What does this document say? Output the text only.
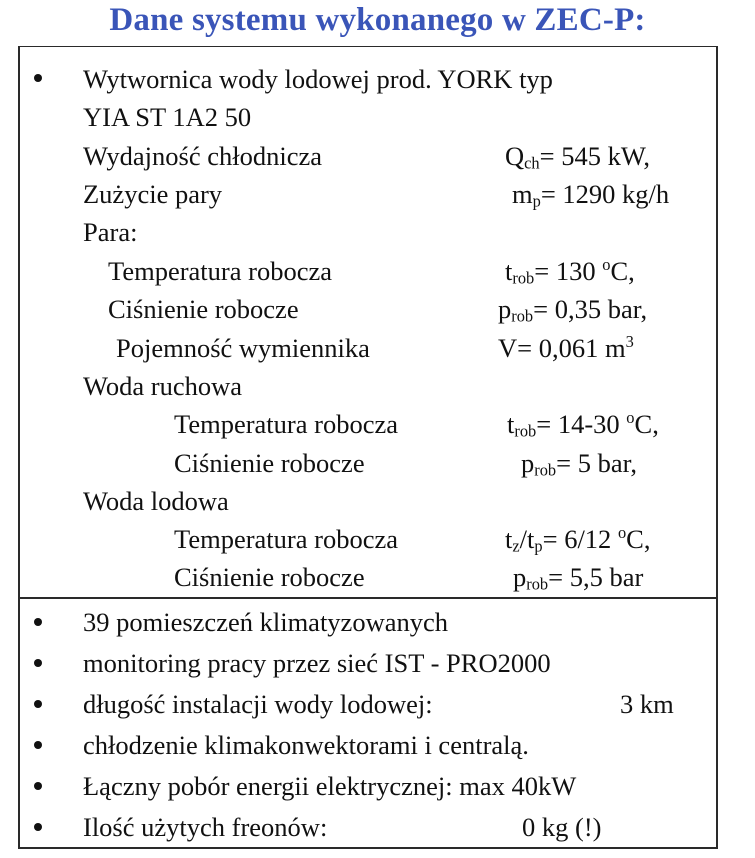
Dane systemu wykonanego w ZEC-P:
Wytwornica wody lodowej prod. YORK typ
YIA ST 1A2 50
Wydajność chłodnicza	$Q_{ch}= 545$ kW,
Zużycie pary	$m_p= 1290$ kg/h
Para:
Temperatura robocza	$t_{rob}= 130$ $^o$C,
Ciśnienie robocze	$p_{rob}= 0,35$ bar,
Pojemność wymiennika	V= 0,061 $m^3$
Woda ruchowa
Temperatura robocza	$t_{rob}= 14-30$ $^o$C,
Ciśnienie robocze	$p_{rob}= 5$ bar,
Woda lodowa
Temperatura robocza	$t_z/t_p= 6/12$ $^o$C,
Ciśnienie robocze	$p_{rob}= 5,5$ bar
39 pomieszczeń klimatyzowanych
monitoring pracy przez sieć IST - PRO2000
długość instalacji wody lodowej:	3 km
chłodzenie klimakonwektorami i centralą.
Łączny pobór energii elektrycznej: max 40kW
Ilość użytych freonów:	0 kg (!)
